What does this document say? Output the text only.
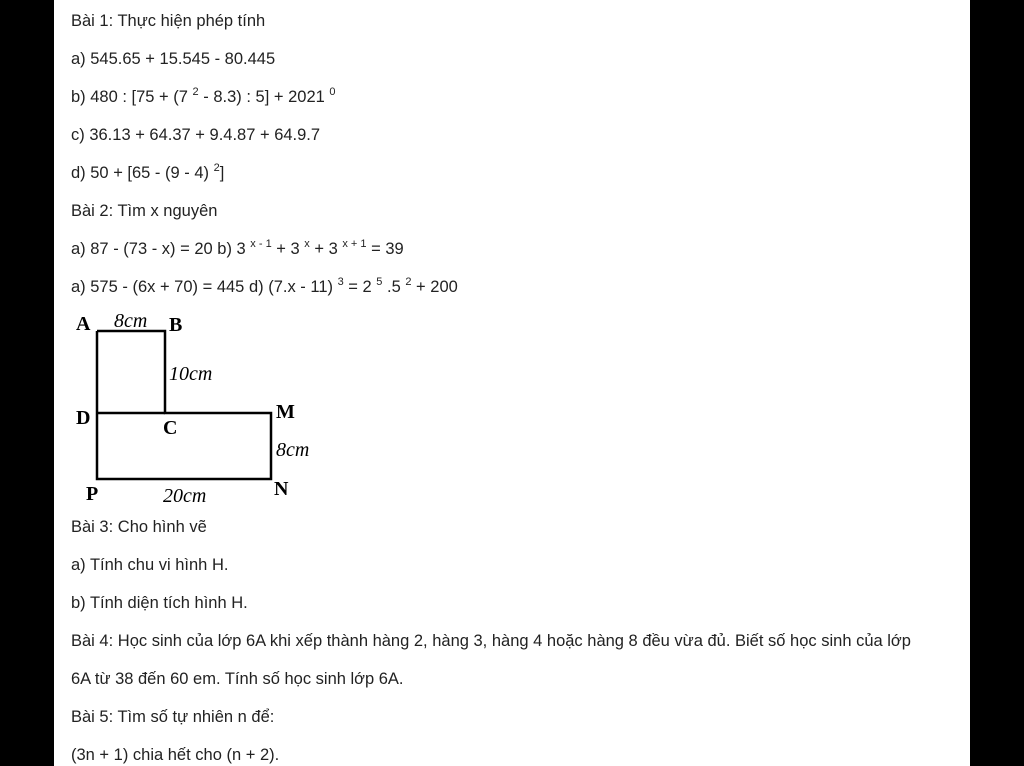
Bài 1: Thực hiện phép tính
a) 545.65 + 15.545 - 80.445
b) 480 : [75 + (7 $^2$ - 8.3) : 5] + 2021 $^0$
c) 36.13 + 64.37 + 9.4.87 + 64.9.7
d) 50 + [65 - (9 - 4) $^2$]
Bài 2: Tìm x nguyên
a) 87 - (73 - x) = 20 b) 3 $^{x - 1}$ + 3 $^x$ + 3 $^{x + 1}$ = 39
a) 575 - (6x + 70) = 445 d) (7.x - 11) $^3$ = 2 $^5$ .5 $^2$ + 200
A	B
C
D	M
N
P
8cm
10cm
8cm
20cm
Bài 3: Cho hình vẽ
a) Tính chu vi hình H.
b) Tính diện tích hình H.
Bài 4: Học sinh của lớp 6A khi xếp thành hàng 2, hàng 3, hàng 4 hoặc hàng 8 đều vừa đủ. Biết số học sinh của lớp
6A từ 38 đến 60 em. Tính số học sinh lớp 6A.
Bài 5: Tìm số tự nhiên n để:
(3n + 1) chia hết cho (n + 2).
